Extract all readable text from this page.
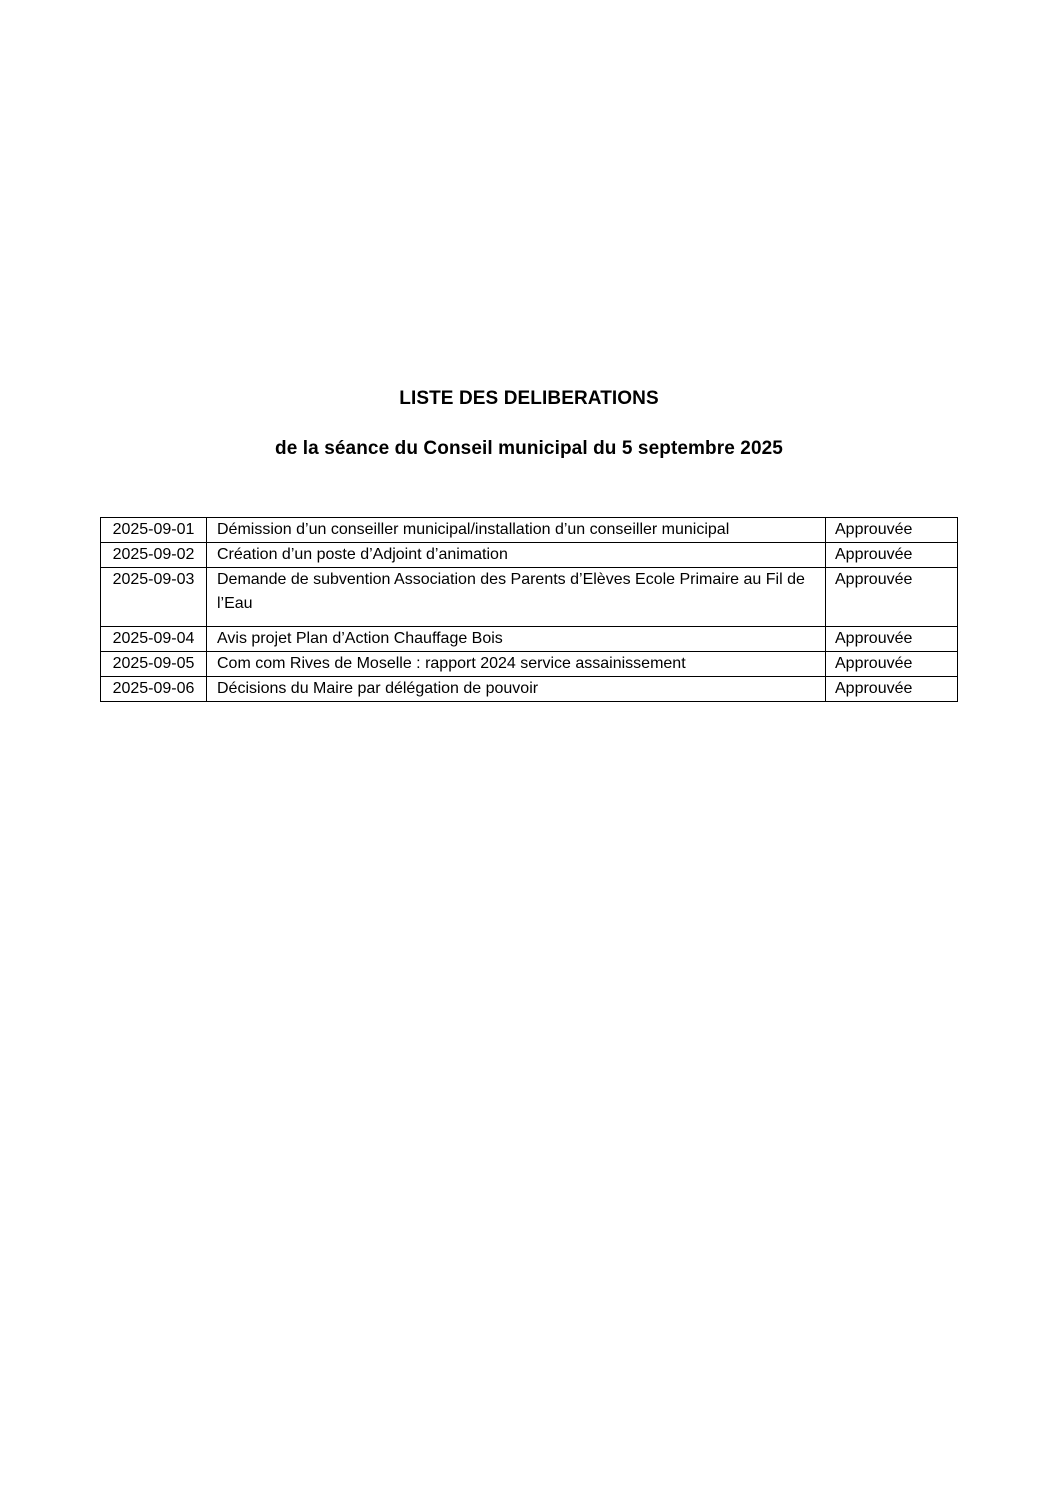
LISTE DES DELIBERATIONS
de la séance du Conseil municipal du 5 septembre 2025
2025-09-01	Démission d’un conseiller municipal/installation d’un conseiller municipal	Approuvée
2025-09-02	Création d’un poste d’Adjoint d’animation	Approuvée
2025-09-03	Demande de subvention Association des Parents d’Elèves Ecole Primaire au Fil de l’Eau	Approuvée
2025-09-04	Avis projet Plan d’Action Chauffage Bois	Approuvée
2025-09-05	Com com Rives de Moselle : rapport 2024 service assainissement	Approuvée
2025-09-06	Décisions du Maire par délégation de pouvoir	Approuvée
